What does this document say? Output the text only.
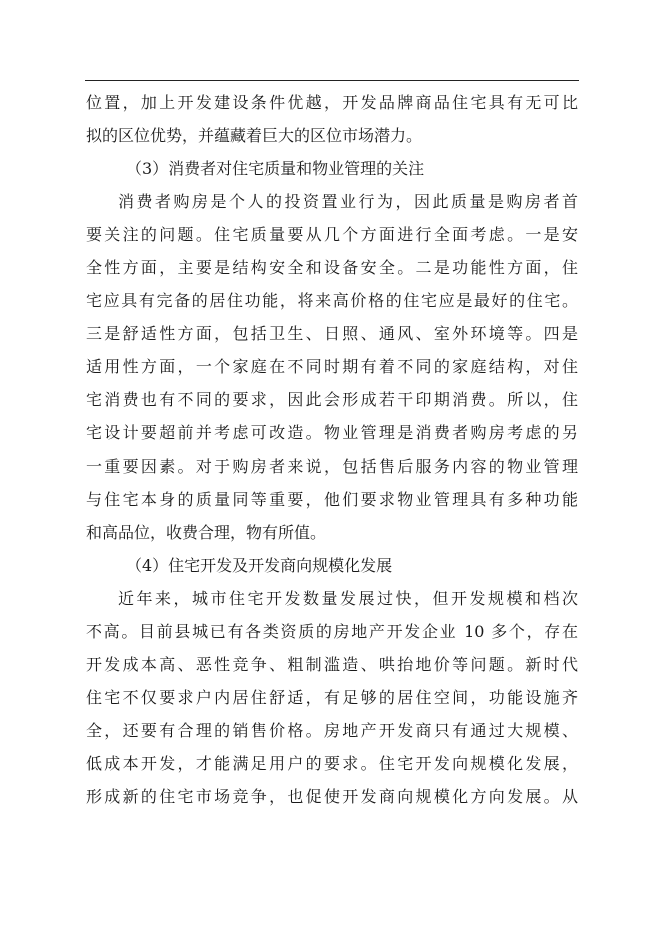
位置，加上开发建设条件优越，开发品牌商品住宅具有无可比
拟的区位优势，并蕴藏着巨大的区位市场潜力。
（3）消费者对住宅质量和物业管理的关注
消费者购房是个人的投资置业行为，因此质量是购房者首
要关注的问题。住宅质量要从几个方面进行全面考虑。一是安
全性方面，主要是结构安全和设备安全。二是功能性方面，住
宅应具有完备的居住功能，将来高价格的住宅应是最好的住宅。
三是舒适性方面，包括卫生、日照、通风、室外环境等。四是
适用性方面，一个家庭在不同时期有着不同的家庭结构，对住
宅消费也有不同的要求，因此会形成若干印期消费。所以，住
宅设计要超前并考虑可改造。物业管理是消费者购房考虑的另
一重要因素。对于购房者来说，包括售后服务内容的物业管理
与住宅本身的质量同等重要，他们要求物业管理具有多种功能
和高品位，收费合理，物有所值。
（4）住宅开发及开发商向规模化发展
近年来，城市住宅开发数量发展过快，但开发规模和档次
不高。目前县城已有各类资质的房地产开发企业 10 多个，存在
开发成本高、恶性竞争、粗制滥造、哄抬地价等问题。新时代
住宅不仅要求户内居住舒适，有足够的居住空间，功能设施齐
全，还要有合理的销售价格。房地产开发商只有通过大规模、
低成本开发，才能满足用户的要求。住宅开发向规模化发展，
形成新的住宅市场竞争，也促使开发商向规模化方向发展。从
